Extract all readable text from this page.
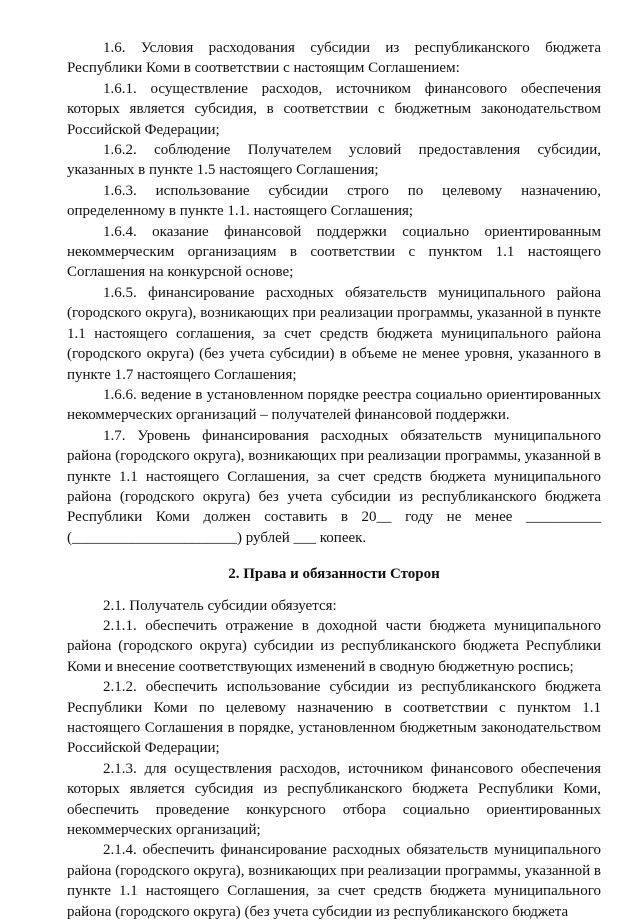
1.6. Условия расходования субсидии из республиканского бюджета Республики Коми в соответствии с настоящим Соглашением:

1.6.1. осуществление расходов, источником финансового обеспечения которых является субсидия, в соответствии с бюджетным законодательством Российской Федерации;

1.6.2. соблюдение Получателем условий предоставления субсидии, указанных в пункте 1.5 настоящего Соглашения;

1.6.3. использование субсидии строго по целевому назначению, определенному в пункте 1.1. настоящего Соглашения;

1.6.4. оказание финансовой поддержки социально ориентированным некоммерческим организациям в соответствии с пунктом 1.1 настоящего Соглашения на конкурсной основе;

1.6.5. финансирование расходных обязательств муниципального района (городского округа), возникающих при реализации программы, указанной в пункте 1.1 настоящего соглашения, за счет средств бюджета муниципального района (городского округа) (без учета субсидии) в объеме не менее уровня, указанного в пункте 1.7 настоящего Соглашения;

1.6.6. ведение в установленном порядке реестра социально ориентированных некоммерческих организаций – получателей финансовой поддержки.

1.7. Уровень финансирования расходных обязательств муниципального района (городского округа), возникающих при реализации программы, указанной в пункте 1.1 настоящего Соглашения, за счет средств бюджета муниципального района (городского округа) без учета субсидии из республиканского бюджета Республики Коми должен составить в 20__ году не менее __________ (______________________) рублей ___ копеек.

2. Права и обязанности Сторон

2.1. Получатель субсидии обязуется:

2.1.1. обеспечить отражение в доходной части бюджета муниципального района (городского округа) субсидии из республиканского бюджета Республики Коми и внесение соответствующих изменений в сводную бюджетную роспись;

2.1.2. обеспечить использование субсидии из республиканского бюджета Республики Коми по целевому назначению в соответствии с пунктом 1.1 настоящего Соглашения в порядке, установленном бюджетным законодательством Российской Федерации;

2.1.3. для осуществления расходов, источником финансового обеспечения которых является субсидия из республиканского бюджета Республики Коми, обеспечить проведение конкурсного отбора социально ориентированных некоммерческих организаций;

2.1.4. обеспечить финансирование расходных обязательств муниципального района (городского округа), возникающих при реализации программы, указанной в пункте 1.1 настоящего Соглашения, за счет средств бюджета муниципального района (городского округа) (без учета субсидии из республиканского бюджета
